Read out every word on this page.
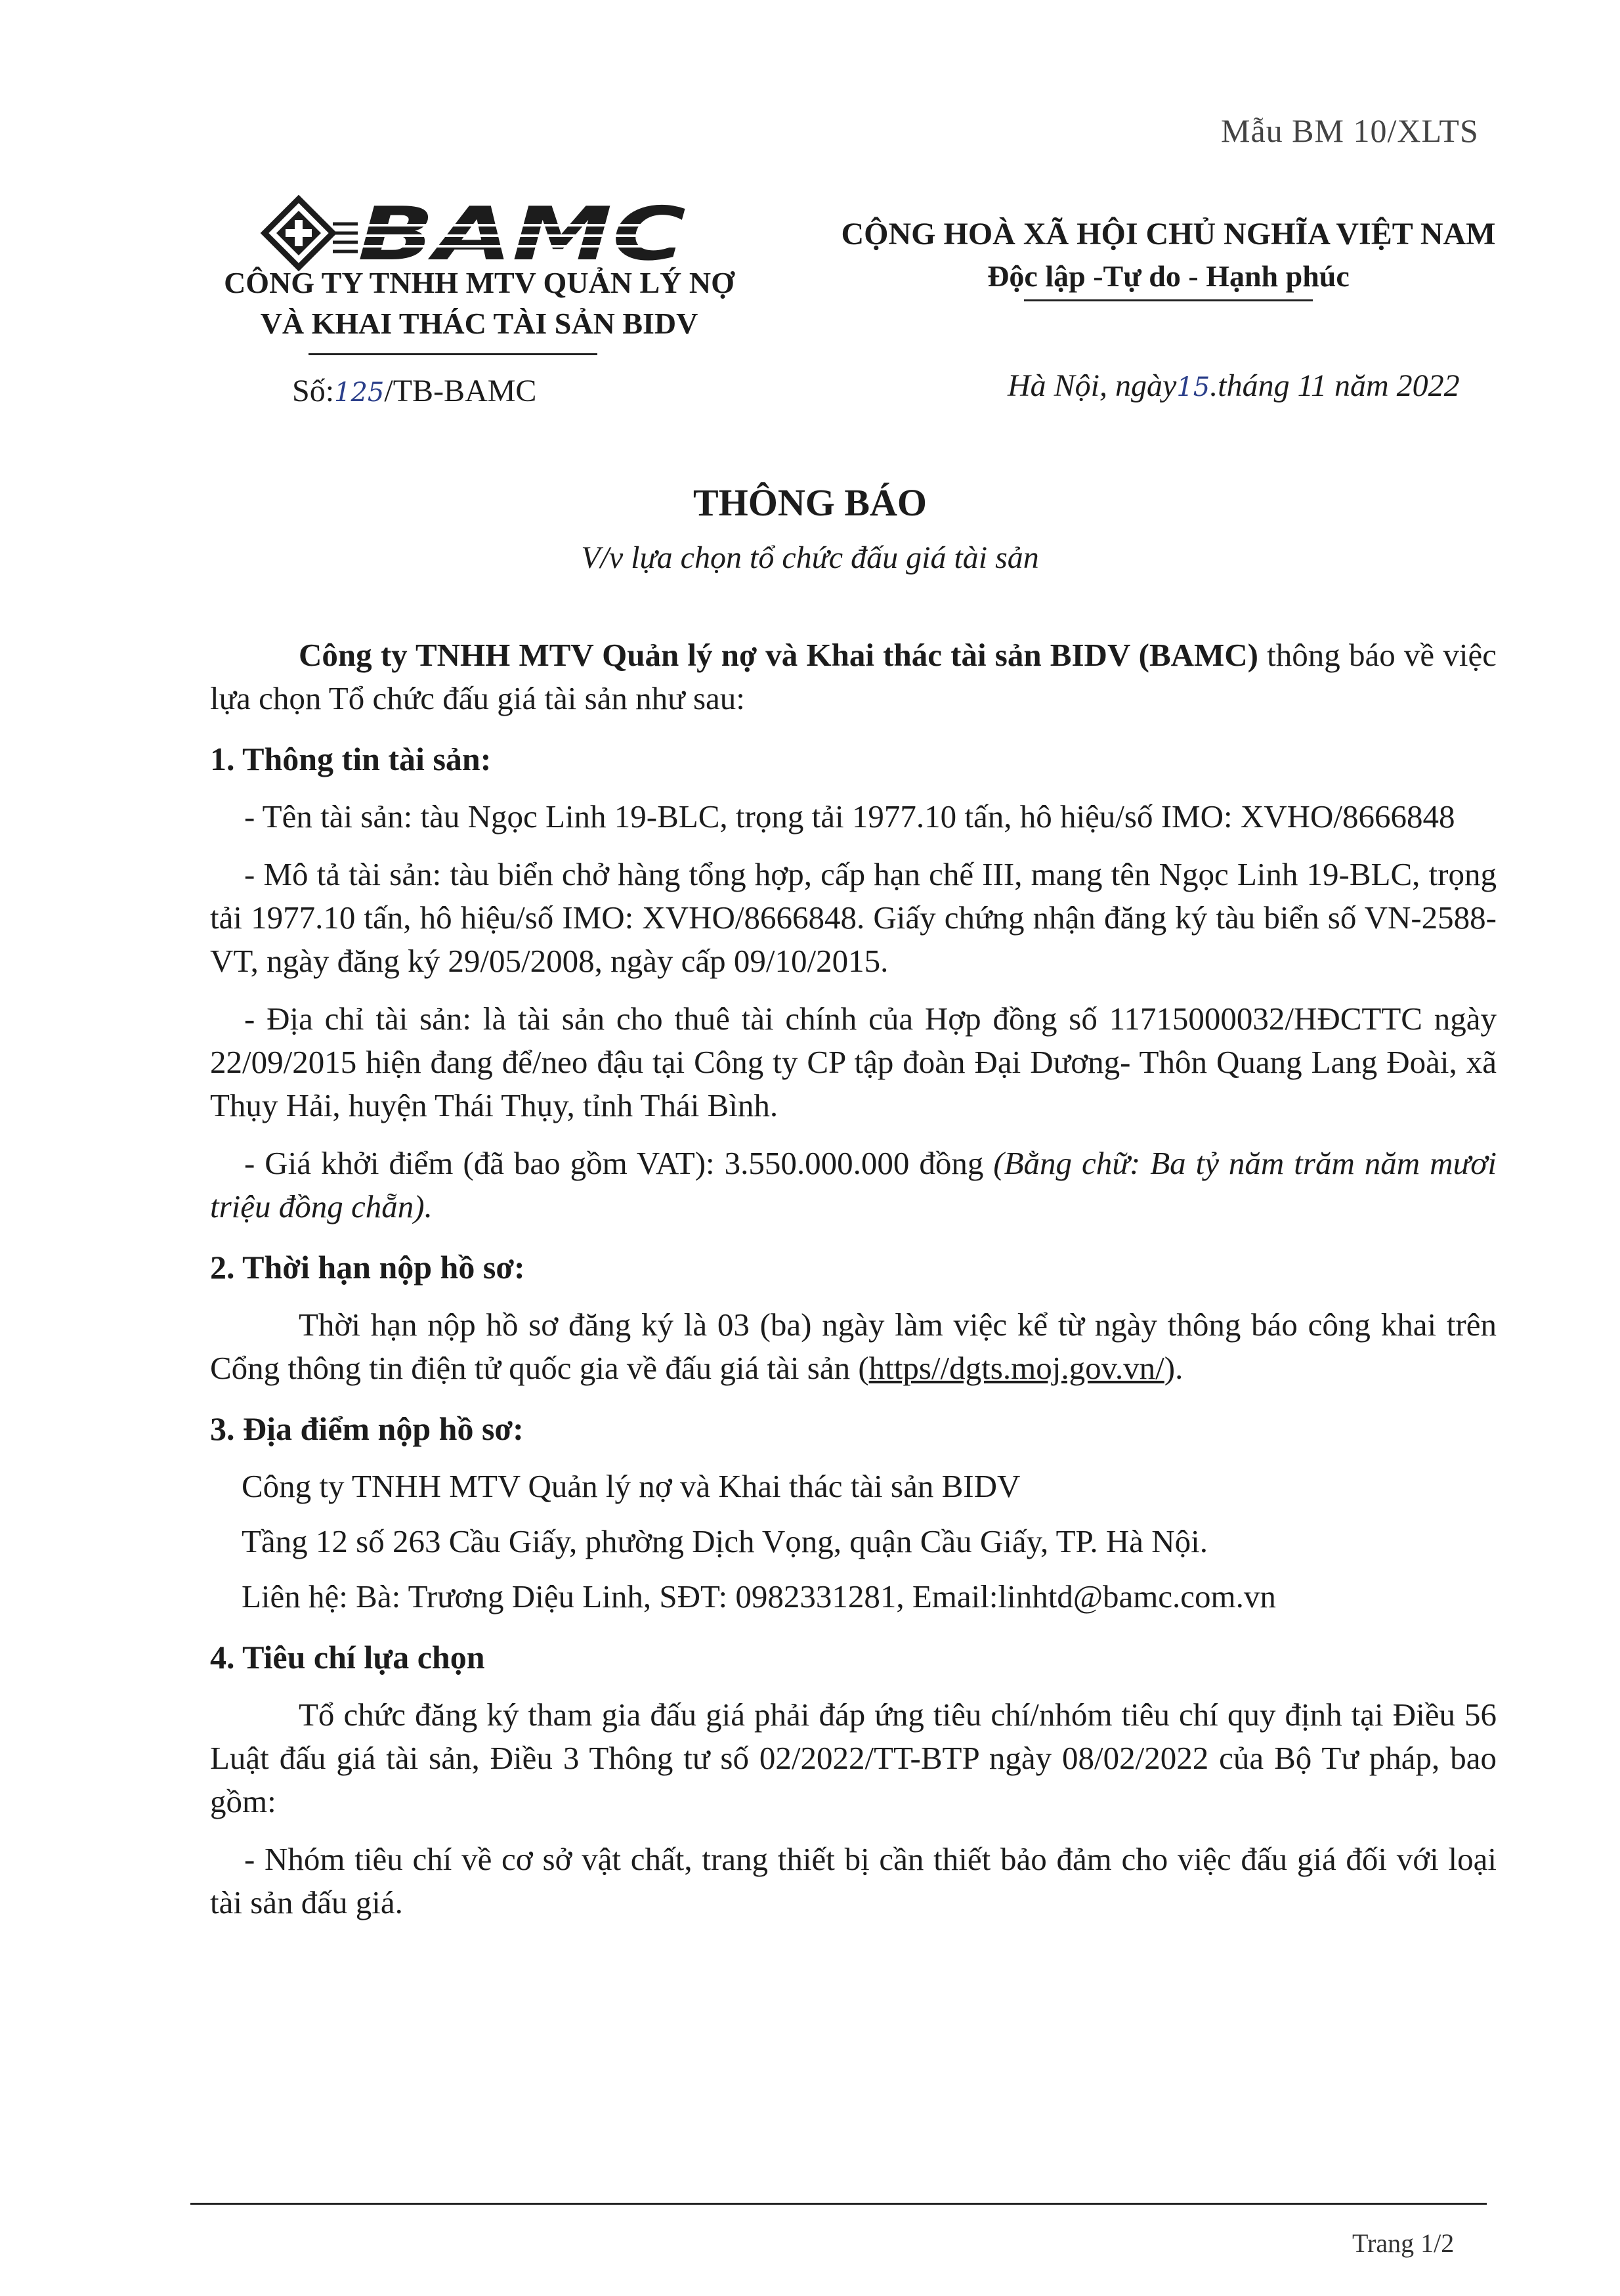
Mẫu BM 10/XLTS
BAMC
CÔNG TY TNHH MTV QUẢN LÝ NỢ
VÀ KHAI THÁC TÀI SẢN BIDV
Số:125/TB-BAMC
CỘNG HOÀ XÃ HỘI CHỦ NGHĨA VIỆT NAM
Độc lập -Tự do - Hạnh phúc
Hà Nội, ngày15.tháng 11 năm 2022
THÔNG BÁO
V/v lựa chọn tổ chức đấu giá tài sản

Công ty TNHH MTV Quản lý nợ và Khai thác tài sản BIDV (BAMC) thông báo về việc lựa chọn Tổ chức đấu giá tài sản như sau:

1. Thông tin tài sản:

- Tên tài sản: tàu Ngọc Linh 19-BLC, trọng tải 1977.10 tấn, hô hiệu/số IMO: XVHO/8666848

- Mô tả tài sản: tàu biển chở hàng tổng hợp, cấp hạn chế III, mang tên Ngọc Linh 19-BLC, trọng tải 1977.10 tấn, hô hiệu/số IMO: XVHO/8666848. Giấy chứng nhận đăng ký tàu biển số VN-2588-VT, ngày đăng ký 29/05/2008, ngày cấp 09/10/2015.

- Địa chỉ tài sản: là tài sản cho thuê tài chính của Hợp đồng số 11715000032/HĐCTTC ngày 22/09/2015 hiện đang để/neo đậu tại Công ty CP tập đoàn Đại Dương- Thôn Quang Lang Đoài, xã Thụy Hải, huyện Thái Thụy, tỉnh Thái Bình.

- Giá khởi điểm (đã bao gồm VAT): 3.550.000.000 đồng (Bằng chữ: Ba tỷ năm trăm năm mươi triệu đồng chẵn).

2. Thời hạn nộp hồ sơ:

Thời hạn nộp hồ sơ đăng ký là 03 (ba) ngày làm việc kể từ ngày thông báo công khai trên Cổng thông tin điện tử quốc gia về đấu giá tài sản (https//dgts.moj.gov.vn/).

3. Địa điểm nộp hồ sơ:

Công ty TNHH MTV Quản lý nợ và Khai thác tài sản BIDV

Tầng 12 số 263 Cầu Giấy, phường Dịch Vọng, quận Cầu Giấy, TP. Hà Nội.

Liên hệ: Bà: Trương Diệu Linh, SĐT: 0982331281, Email:linhtd@bamc.com.vn

4. Tiêu chí lựa chọn

Tổ chức đăng ký tham gia đấu giá phải đáp ứng tiêu chí/nhóm tiêu chí quy định tại Điều 56 Luật đấu giá tài sản, Điều 3 Thông tư số 02/2022/TT-BTP ngày 08/02/2022 của Bộ Tư pháp, bao gồm:

- Nhóm tiêu chí về cơ sở vật chất, trang thiết bị cần thiết bảo đảm cho việc đấu giá đối với loại tài sản đấu giá.

Trang 1/2
